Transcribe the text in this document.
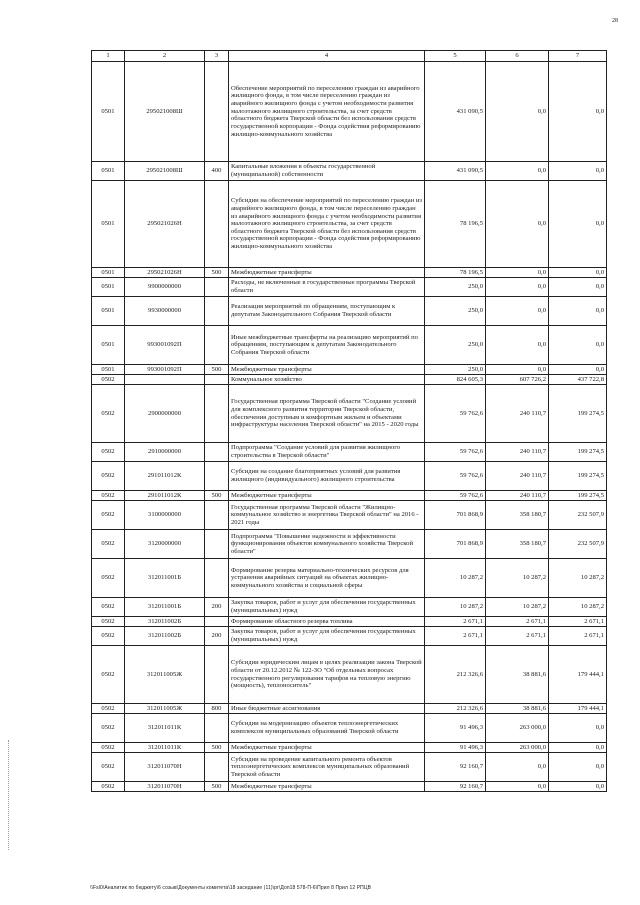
28
1	2	3	4	5	6	7
0501	295021008Ш		Обеспечение мероприятий по переселению граждан из аварийного жилищного фонда, в том числе переселению граждан из аварийного жилищного фонда с учетом необходимости развития малоэтажного жилищного строительства, за счет средств областного бюджета Тверской области без использования средств государственной корпорации - Фонда содействия реформированию жилищно-коммунального хозяйства	431 090,5	0,0	0,0
0501	295021008Ш	400	Капитальные вложения в объекты государственной (муниципальной) собственности	431 090,5	0,0	0,0
0501	295021026Н		Субсидии на обеспечение мероприятий по переселению граждан из аварийного жилищного фонда, в том числе переселению граждан из аварийного жилищного фонда с учетом необходимости развития малоэтажного жилищного строительства, за счет средств областного бюджета Тверской области без использования средств государственной корпорации - Фонда содействия реформированию жилищно-коммунального хозяйства	78 196,5	0,0	0,0
0501	295021026Н	500	Межбюджетные трансферты	78 196,5	0,0	0,0
0501	9900000000		Расходы, не включенные в государственные программы Тверской области	250,0	0,0	0,0
0501	9930000000		Реализация мероприятий по обращениям, поступающим к депутатам Законодательного Собрания Тверской области	250,0	0,0	0,0
0501	993001092П		Иные межбюджетные трансферты на реализацию мероприятий по обращениям, поступающим к депутатам Законодательного Собрания Тверской области	250,0	0,0	0,0
0501	993001092П	500	Межбюджетные трансферты	250,0	0,0	0,0
0502			Коммунальное хозяйство	824 605,3	607 726,2	437 722,8
0502	2900000000		Государственная программа Тверской области "Создание условий для комплексного развития территории Тверской области, обеспечения доступным и комфортным жильем и объектами инфраструктуры населения Тверской области" на 2015 - 2020 годы	59 762,6	240 110,7	199 274,5
0502	2910000000		Подпрограмма "Создание условий для развития жилищного строительства в Тверской области"	59 762,6	240 110,7	199 274,5
0502	291011012К		Субсидии на создание благоприятных условий для развития жилищного (индивидуального) жилищного строительства	59 762,6	240 110,7	199 274,5
0502	291011012К	500	Межбюджетные трансферты	59 762,6	240 110,7	199 274,5
0502	3100000000		Государственная программа Тверской области "Жилищно-коммунальное хозяйство и энергетика Тверской области" на 2016 - 2021 годы	701 868,9	358 180,7	232 507,9
0502	3120000000		Подпрограмма "Повышение надежности и эффективности функционирования объектов коммунального хозяйства Тверской области"	701 868,9	358 180,7	232 507,9
0502	312011001Б		Формирование резерва материально-технических ресурсов для устранения аварийных ситуаций на объектах жилищно-коммунального хозяйства и социальной сферы	10 287,2	10 287,2	10 287,2
0502	312011001Б	200	Закупка товаров, работ и услуг для обеспечения государственных (муниципальных) нужд	10 287,2	10 287,2	10 287,2
0502	312011002Б		Формирование областного резерва топлива	2 671,1	2 671,1	2 671,1
0502	312011002Б	200	Закупка товаров, работ и услуг для обеспечения государственных (муниципальных) нужд	2 671,1	2 671,1	2 671,1
0502	312011005Ж		Субсидии юридическим лицам в целях реализации закона Тверской области от 20.12.2012 № 122-ЗО "Об отдельных вопросах государственного регулирования тарифов на тепловую энергию (мощность), теплоноситель"	212 326,6	38 881,6	179 444,1
0502	312011005Ж	800	Иные бюджетные ассигнования	212 326,6	38 881,6	179 444,1
0502	312011011К		Субсидии на модернизацию объектов теплоэнергетических комплексов муниципальных образований Тверской области	91 496,3	263 000,0	0,0
0502	312011011К	500	Межбюджетные трансферты	91 496,3	263 000,0	0,0
0502	312011070Н		Субсидии на проведение капитального ремонта объектов теплоэнергетических комплексов муниципальных образований Тверской области	92 160,7	0,0	0,0
0502	312011070Н	500	Межбюджетные трансферты	92 160,7	0,0	0,0
\\Fsl0\Аналитик по бюджету\6 созыв\Документы комитета\18 заседание (11)\рг\Доп18 578-П-6\Прил 8 Прил 12 РПЦВ
